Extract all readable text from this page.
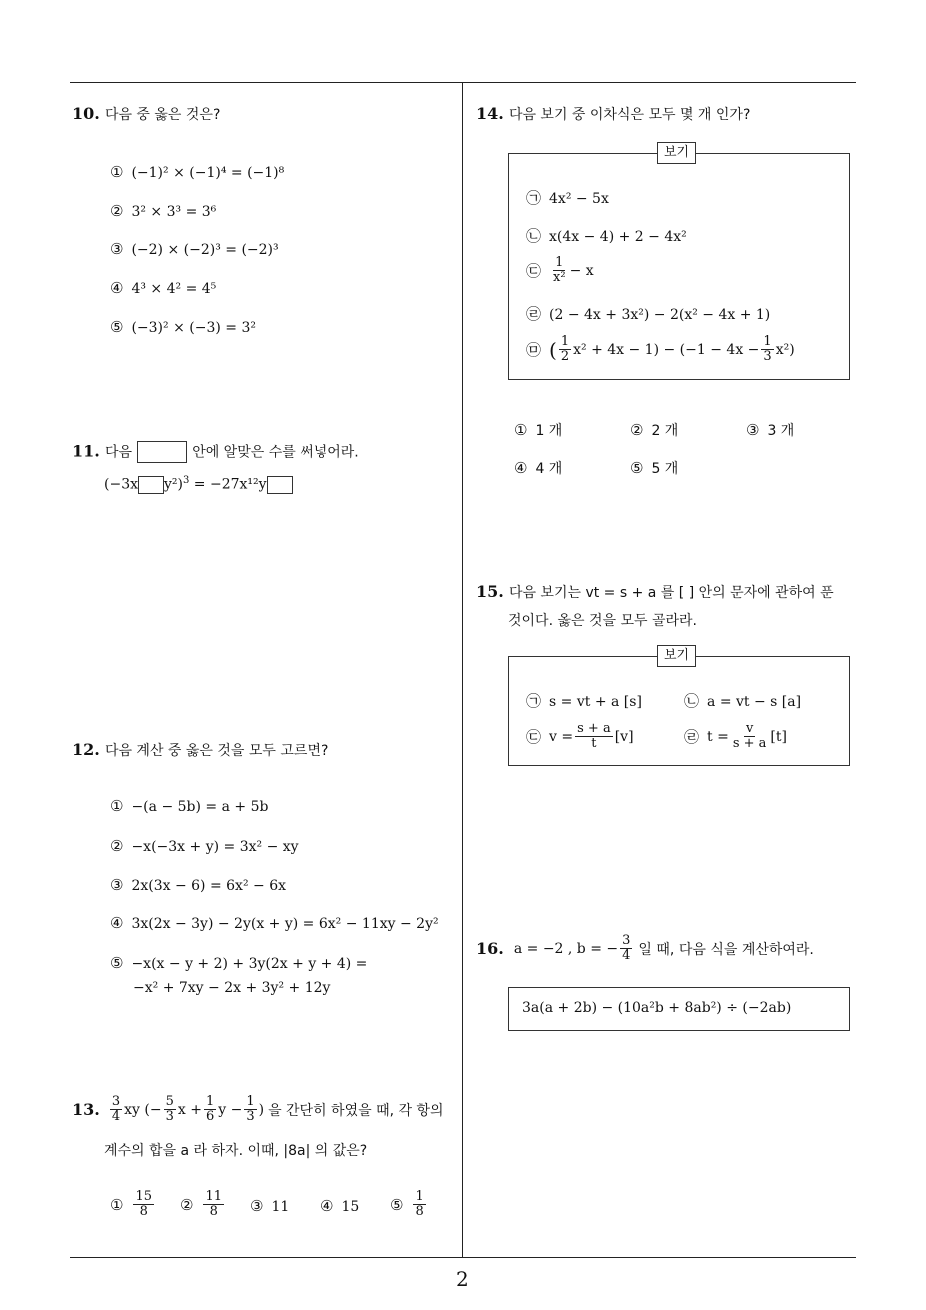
10. 다음 중 옳은 것은?
① (−1)² × (−1)⁴ = (−1)⁸
② 3² × 3³ = 3⁶
③ (−2) × (−2)³ = (−2)³
④ 4³ × 4² = 4⁵
⑤ (−3)² × (−3) = 3²
11. 다음	안에 알맞은 수를 써넣어라.
(−3x y²)$^3$ = −27x¹²y
12. 다음 계산 중 옳은 것을 모두 고르면?
① −(a − 5b) = a + 5b
② −x(−3x + y) = 3x² − xy
③ 2x(3x − 6) = 6x² − 6x
④ 3x(2x − 3y) − 2y(x + y) = 6x² − 11xy − 2y²
⑤ −x(x − y + 2) + 3y(2x + y + 4) =
−x² + 7xy − 2x + 3y² + 12y
13. $\frac{3}{4}$ xy (− $\frac{5}{3}$ $x + \frac{1}{6}$ $y - \frac{1}{3}$ ) 을 간단히 하였을 때, 각 항의
계수의 합을 a 라 하자. 이때, |8a| 의 값은?
① $\frac{15}{8}$ ② $\frac{11}{8}$ ③ 11 ④ 15 ⑤ $\frac{1}{8}$
14. 다음 보기 중 이차식은 모두 몇 개 인가?
보기
㉠ 4x² − 5x
㉡ x(4x − 4) + 2 − 4x²
㉢ $\frac{1}{\text{x²}} - x$
㉣ (2 − 4x + 3x²) − 2(x² − 4x + 1)
㉤ ( $\frac{1}{2} x^2 + 4x - 1) - (-1 - 4x - \frac{1}{3} x^2)$
① 1 개	② 2 개	③ 3 개
④ 4 개	⑤ 5 개
15. 다음 보기는 vt = s + a 를 [ ] 안의 문자에 관하여 푼
것이다. 옳은 것을 모두 골라라.
보기
㉠ s = vt + a [s]	㉡ a = vt − s [a]
㉢ $v = \frac{s + a}{t} [v]$	㉣ $t = \frac{v}{s + a} [t]$
16. a = −2 , b = − $\frac{3}{4}$ 일 때, 다음 식을 계산하여라.
3a(a + 2b) − (10a²b + 8ab²) ÷ (−2ab)
2
